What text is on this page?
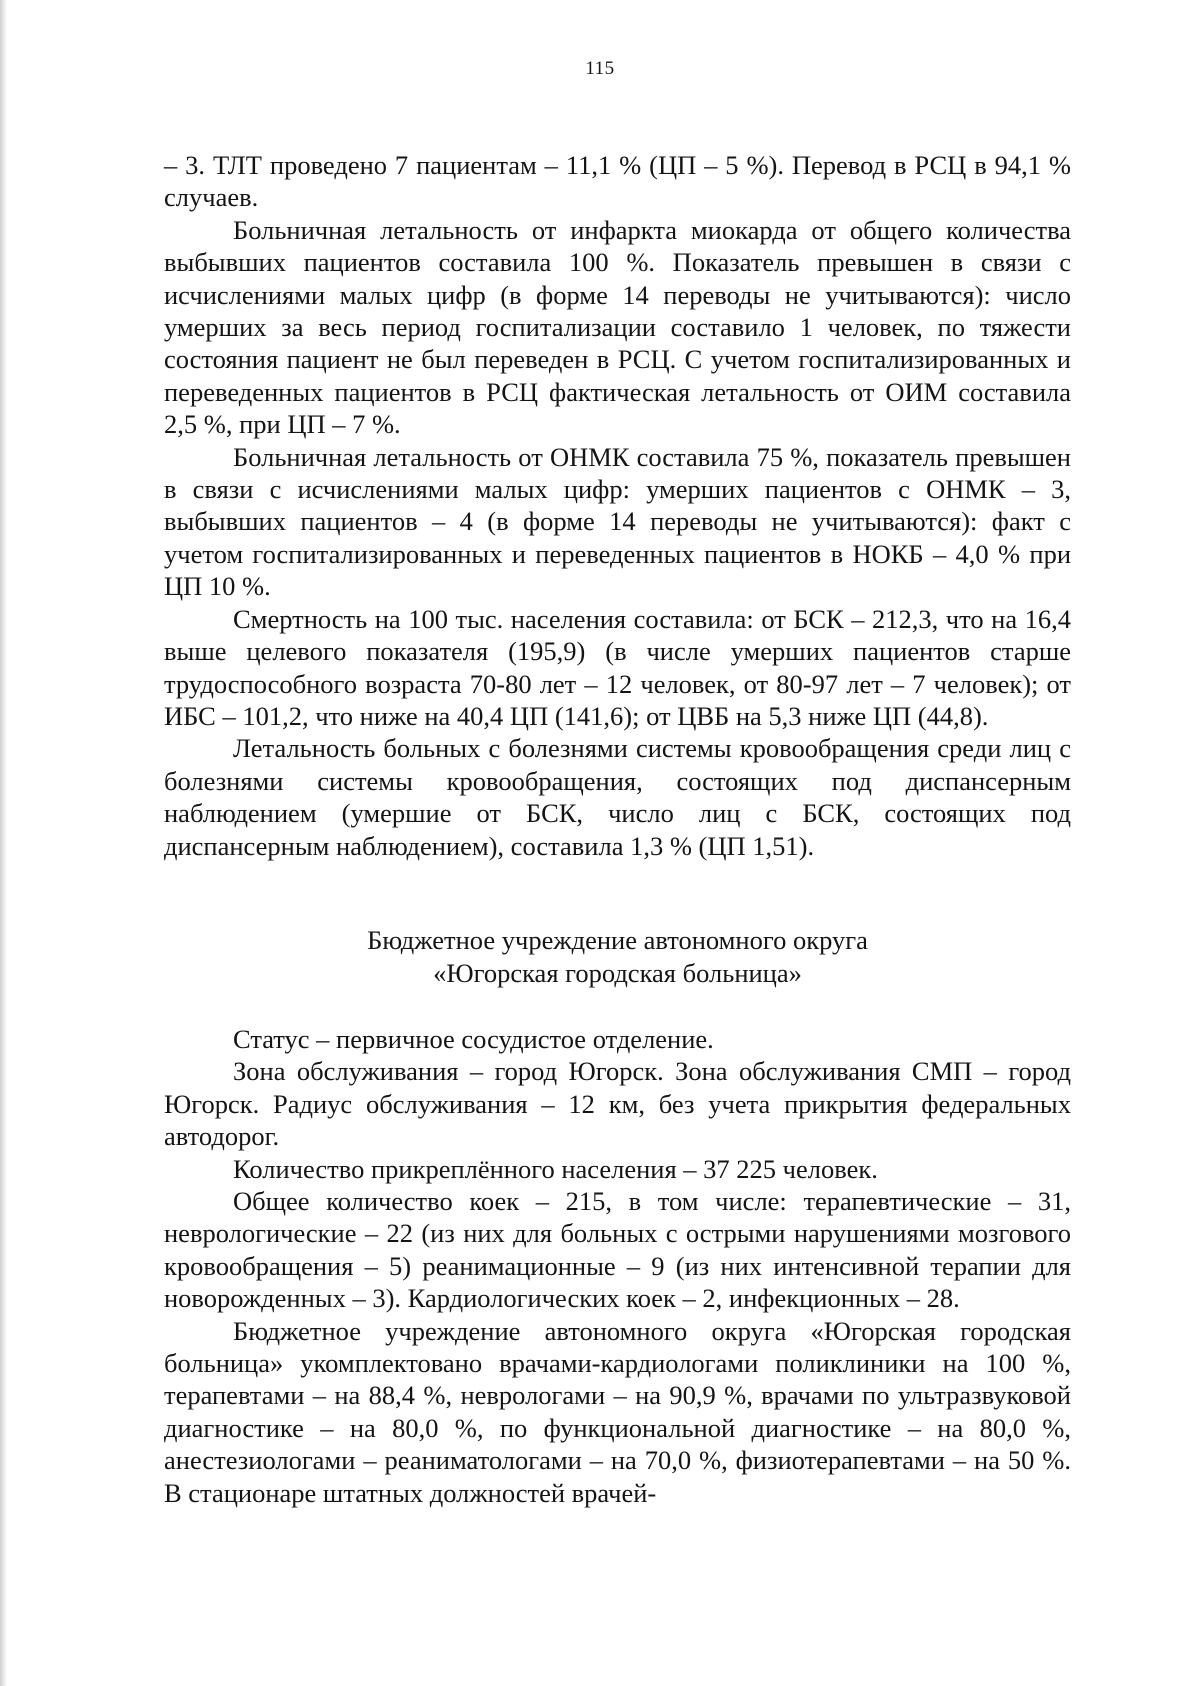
115

– 3. ТЛТ проведено 7 пациентам – 11,1 % (ЦП – 5 %). Перевод в РСЦ в 94,1 % случаев.

Больничная летальность от инфаркта миокарда от общего количества выбывших пациентов составила 100 %. Показатель превышен в связи с исчислениями малых цифр (в форме 14 переводы не учитываются): число умерших за весь период госпитализации составило 1 человек, по тяжести состояния пациент не был переведен в РСЦ. С учетом госпитализированных и переведенных пациентов в РСЦ фактическая летальность от ОИМ составила 2,5 %, при ЦП – 7 %.

Больничная летальность от ОНМК составила 75 %, показатель превышен в связи с исчислениями малых цифр: умерших пациентов с ОНМК – 3, выбывших пациентов – 4 (в форме 14 переводы не учитываются): факт с учетом госпитализированных и переведенных пациентов в НОКБ – 4,0 % при ЦП 10 %.

Смертность на 100 тыс. населения составила: от БСК – 212,3, что на 16,4 выше целевого показателя (195,9) (в числе умерших пациентов старше трудоспособного возраста 70-80 лет – 12 человек, от 80-97 лет – 7 человек); от ИБС – 101,2, что ниже на 40,4 ЦП (141,6); от ЦВБ на 5,3 ниже ЦП (44,8).

Летальность больных с болезнями системы кровообращения среди лиц с болезнями системы кровообращения, состоящих под диспансерным наблюдением (умершие от БСК, число лиц с БСК, состоящих под диспансерным наблюдением), составила 1,3 % (ЦП 1,51).

Бюджетное учреждение автономного округа
«Югорская городская больница»

Статус – первичное сосудистое отделение.

Зона обслуживания – город Югорск. Зона обслуживания СМП – город Югорск. Радиус обслуживания – 12 км, без учета прикрытия федеральных автодорог.

Количество прикреплённого населения – 37 225 человек.

Общее количество коек – 215, в том числе: терапевтические – 31, неврологические – 22 (из них для больных с острыми нарушениями мозгового кровообращения – 5) реанимационные – 9 (из них интенсивной терапии для новорожденных – 3). Кардиологических коек – 2, инфекционных – 28.

Бюджетное учреждение автономного округа «Югорская городская больница» укомплектовано врачами-кардиологами поликлиники на 100 %, терапевтами – на 88,4 %, неврологами – на 90,9 %, врачами по ультразвуковой диагностике – на 80,0 %, по функциональной диагностике – на 80,0 %, анестезиологами – реаниматологами – на 70,0 %, физиотерапевтами – на 50 %. В стационаре штатных должностей врачей-
